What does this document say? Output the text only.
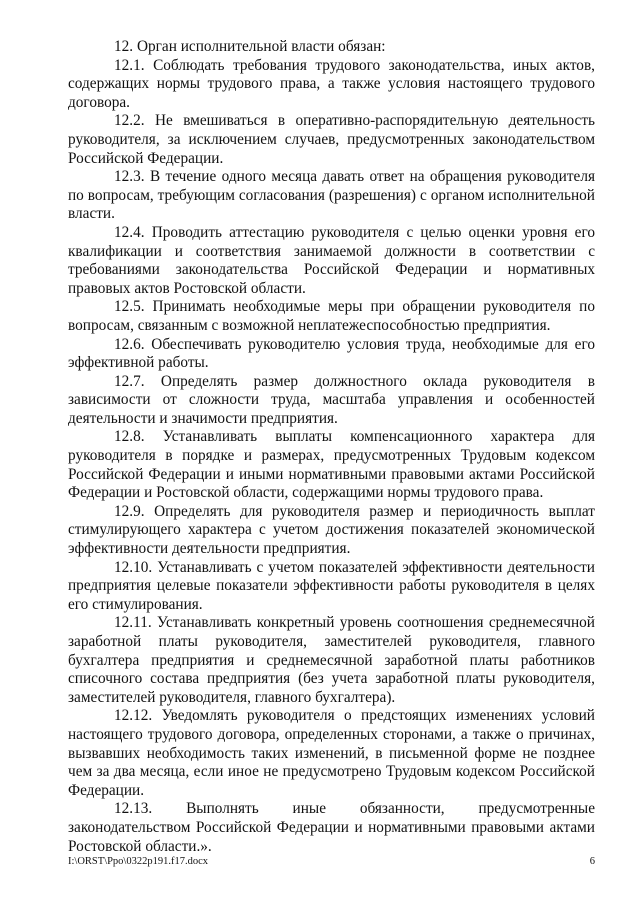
12. Орган исполнительной власти обязан:

12.1. Соблюдать требования трудового законодательства, иных актов, содержащих нормы трудового права, а также условия настоящего трудового договора.

12.2. Не вмешиваться в оперативно-распорядительную деятельность руководителя, за исключением случаев, предусмотренных законодательством Российской Федерации.

12.3. В течение одного месяца давать ответ на обращения руководителя по вопросам, требующим согласования (разрешения) с органом исполнительной власти.

12.4. Проводить аттестацию руководителя с целью оценки уровня его квалификации и соответствия занимаемой должности в соответствии с требованиями законодательства Российской Федерации и нормативных правовых актов Ростовской области.

12.5. Принимать необходимые меры при обращении руководителя по вопросам, связанным с возможной неплатежеспособностью предприятия.

12.6. Обеспечивать руководителю условия труда, необходимые для его эффективной работы.

12.7. Определять размер должностного оклада руководителя в зависимости от сложности труда, масштаба управления и особенностей деятельности и значимости предприятия.

12.8. Устанавливать выплаты компенсационного характера для руководителя в порядке и размерах, предусмотренных Трудовым кодексом Российской Федерации и иными нормативными правовыми актами Российской Федерации и Ростовской области, содержащими нормы трудового права.

12.9. Определять для руководителя размер и периодичность выплат стимулирующего характера с учетом достижения показателей экономической эффективности деятельности предприятия.

12.10. Устанавливать с учетом показателей эффективности деятельности предприятия целевые показатели эффективности работы руководителя в целях его стимулирования.

12.11. Устанавливать конкретный уровень соотношения среднемесячной заработной платы руководителя, заместителей руководителя, главного бухгалтера предприятия и среднемесячной заработной платы работников списочного состава предприятия (без учета заработной платы руководителя, заместителей руководителя, главного бухгалтера).

12.12. Уведомлять руководителя о предстоящих изменениях условий настоящего трудового договора, определенных сторонами, а также о причинах, вызвавших необходимость таких изменений, в письменной форме не позднее чем за два месяца, если иное не предусмотрено Трудовым кодексом Российской Федерации.

12.13. Выполнять иные обязанности, предусмотренные законодательством Российской Федерации и нормативными правовыми актами Ростовской области.».

I:\ORST\Ppo\0322p191.f17.docx	6
